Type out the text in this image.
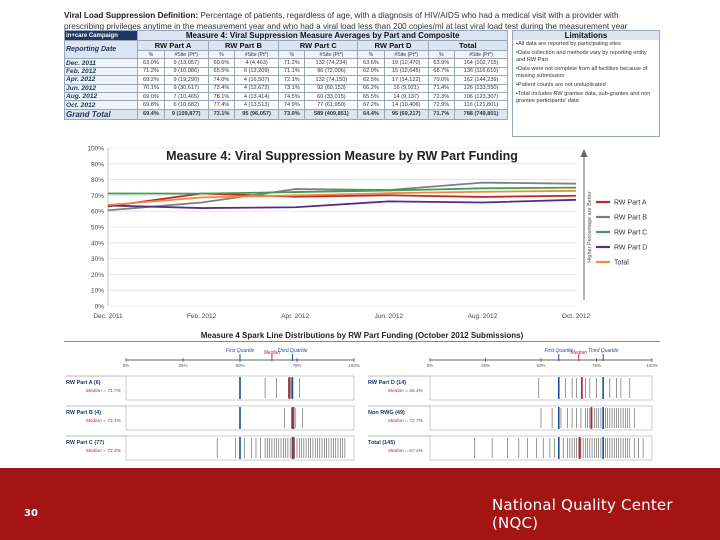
Viral Load Suppression Definition: Percentage of patients, regardless of age, with a diagnosis of HIV/AIDS who had a medical visit with a provider with prescribing privileges anytime in the measurement year and who had a viral load less than 200 copies/ml at last viral load test during the measurement year
in+care Campaign	Measure 4: Viral Suppression Measure Averages by Part and Composite									
Reporting Date	RW Part A		RW Part B		RW Part C		RW Part D		Total	
	%	#Site (Pt*)	%	#Site (Pt*)	%	#Site (Pt*)	%	#Site (Pt*)	%	#Site (Pt*)
Dec. 2011	63.0%	9 (13,057)	60.6%	4 (4,463)	71.2%	132 (74,234)	63.6%	19 (12,470)	63.9%	164 (102,715)
Feb. 2012	71.2%	9 (10,086)	65.5%	6 (12,209)	71.1%	96 (72,006)	62.0%	15 (12,645)	68.7%	136 (116,610)
Apr. 2012	69.2%	9 (19,290)	74.0%	4 (16,507)	72.1%	132 (74,150)	62.5%	17 (14,122)	70.0%	162 (144,239)
Jun. 2012	70.1%	9 (30,617)	73.4%	4 (12,672)	73.1%	92 (60,153)	66.2%	16 (9,921)	71.4%	126 (133,550)
Aug. 2012	69.0%	7 (10,465)	78.1%	4 (13,414)	74.5%	60 (33,015)	65.5%	14 (9,137)	72.3%	106 (123,307)
Oct. 2012	69.8%	6 (10,682)	77.4%	4 (13,513)	74.9%	77 (61,950)	67.2%	14 (10,406)	72.9%	116 (121,801)
Grand Total	69.4%	9 (109,877)	73.1%	95 (96,057)	73.0%	589 (409,851)	64.4%	95 (69,217)	71.7%	788 (749,801)
Limitations
▪ All data are reported by participating sites
▪ Data collection and methods vary by reporting entity and RW Part
▪ Data were not complete from all facilities because of missing submission
▪ Patient counts are not unduplicated
▪ Total includes RW grantee data, sub-grantee and non grantee participants' data
Measure 4: Viral Suppression Measure by RW Part Funding
100%
90%
80%
70%
60%
50%
40%
30%
20%
10%
0%
Dec. 2011	Feb. 2012	Apr. 2012	Jun. 2012	Aug. 2012	Oct. 2012
Higher Percentage are Better	RW Part A
RW Part B
RW Part C
RW Part D
Total
Measure 4 Spark Line Distributions by RW Part Funding (October 2012 Submissions)
0%	25%	50%	75%	100%
First Quartile Median
Third Quartile
0%	25%	50%	75%	100%
First Quartile
Median Third Quartile
RW Part A (6)
Median = 71.7%
RW Part B (4)
Median = 73.4%
RW Part C (77)
Median = 73.4%
RW Part D (14)
Median = 68.4%
Non RWG (49)
Median = 72.7%
Total (145)
Median = 67.4%
30	National Quality Center (NQC)
